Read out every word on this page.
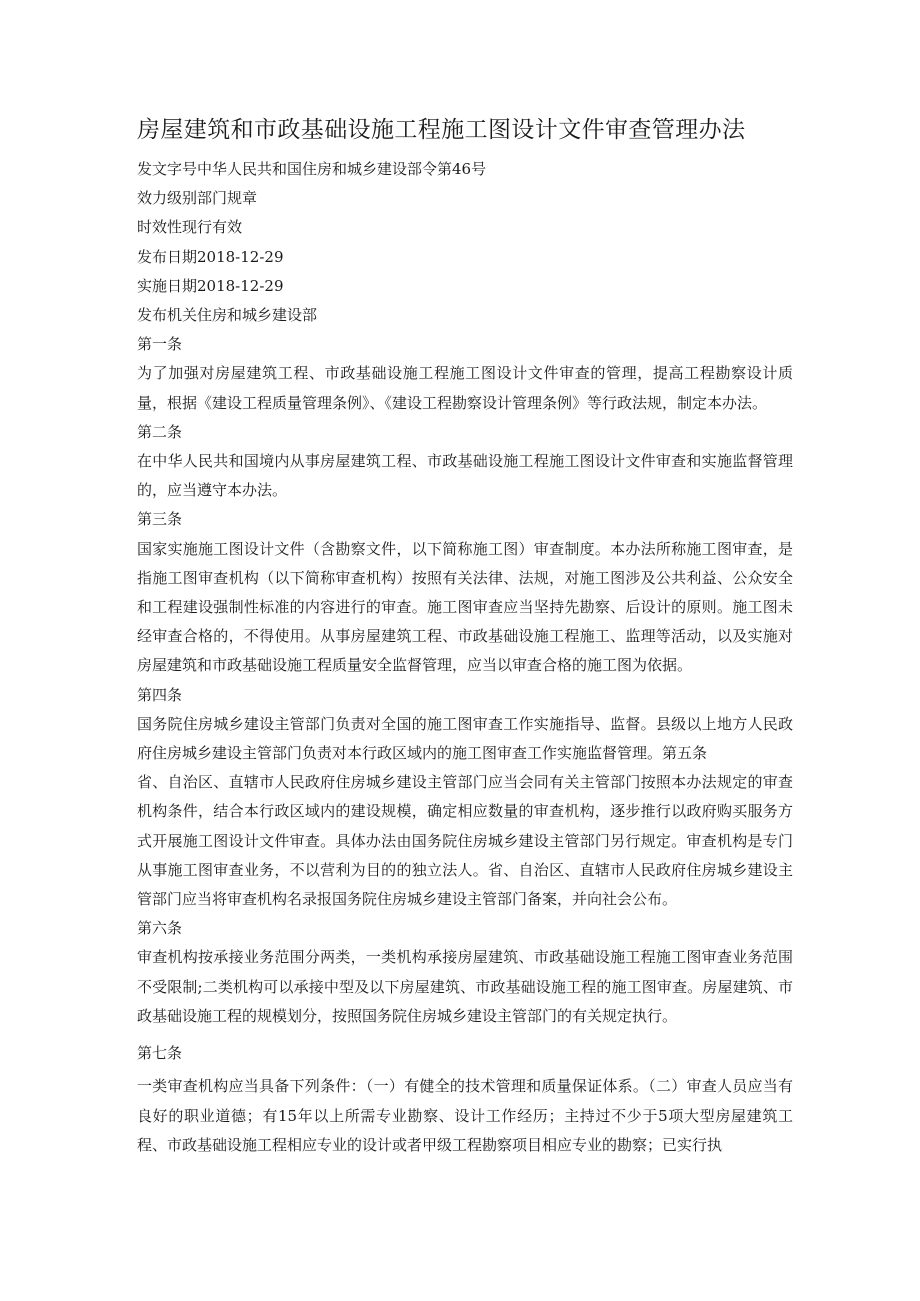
房屋建筑和市政基础设施工程施工图设计文件审查管理办法

发文字号中华人民共和国住房和城乡建设部令第46号

效力级别部门规章

时效性现行有效

发布日期2018-12-29

实施日期2018-12-29

发布机关住房和城乡建设部

第一条

为了加强对房屋建筑工程、市政基础设施工程施工图设计文件审查的管理，提高工程勘察设计质量，根据《建设工程质量管理条例》、《建设工程勘察设计管理条例》等行政法规，制定本办法。

第二条

在中华人民共和国境内从事房屋建筑工程、市政基础设施工程施工图设计文件审查和实施监督管理的，应当遵守本办法。

第三条

国家实施施工图设计文件（含勘察文件，以下简称施工图）审查制度。本办法所称施工图审查，是指施工图审查机构（以下简称审查机构）按照有关法律、法规，对施工图涉及公共利益、公众安全和工程建设强制性标准的内容进行的审查。施工图审查应当坚持先勘察、后设计的原则。施工图未经审查合格的，不得使用。从事房屋建筑工程、市政基础设施工程施工、监理等活动，以及实施对房屋建筑和市政基础设施工程质量安全监督管理，应当以审查合格的施工图为依据。

第四条

国务院住房城乡建设主管部门负责对全国的施工图审查工作实施指导、监督。县级以上地方人民政府住房城乡建设主管部门负责对本行政区域内的施工图审查工作实施监督管理。第五条

省、自治区、直辖市人民政府住房城乡建设主管部门应当会同有关主管部门按照本办法规定的审查机构条件，结合本行政区域内的建设规模，确定相应数量的审查机构，逐步推行以政府购买服务方式开展施工图设计文件审查。具体办法由国务院住房城乡建设主管部门另行规定。审查机构是专门从事施工图审查业务，不以营利为目的的独立法人。省、自治区、直辖市人民政府住房城乡建设主管部门应当将审查机构名录报国务院住房城乡建设主管部门备案，并向社会公布。

第六条

审查机构按承接业务范围分两类，一类机构承接房屋建筑、市政基础设施工程施工图审查业务范围不受限制;二类机构可以承接中型及以下房屋建筑、市政基础设施工程的施工图审查。房屋建筑、市政基础设施工程的规模划分，按照国务院住房城乡建设主管部门的有关规定执行。

第七条

一类审查机构应当具备下列条件：（一）有健全的技术管理和质量保证体系。（二）审查人员应当有良好的职业道德；有15年以上所需专业勘察、设计工作经历；主持过不少于5项大型房屋建筑工程、市政基础设施工程相应专业的设计或者甲级工程勘察项目相应专业的勘察；已实行执
